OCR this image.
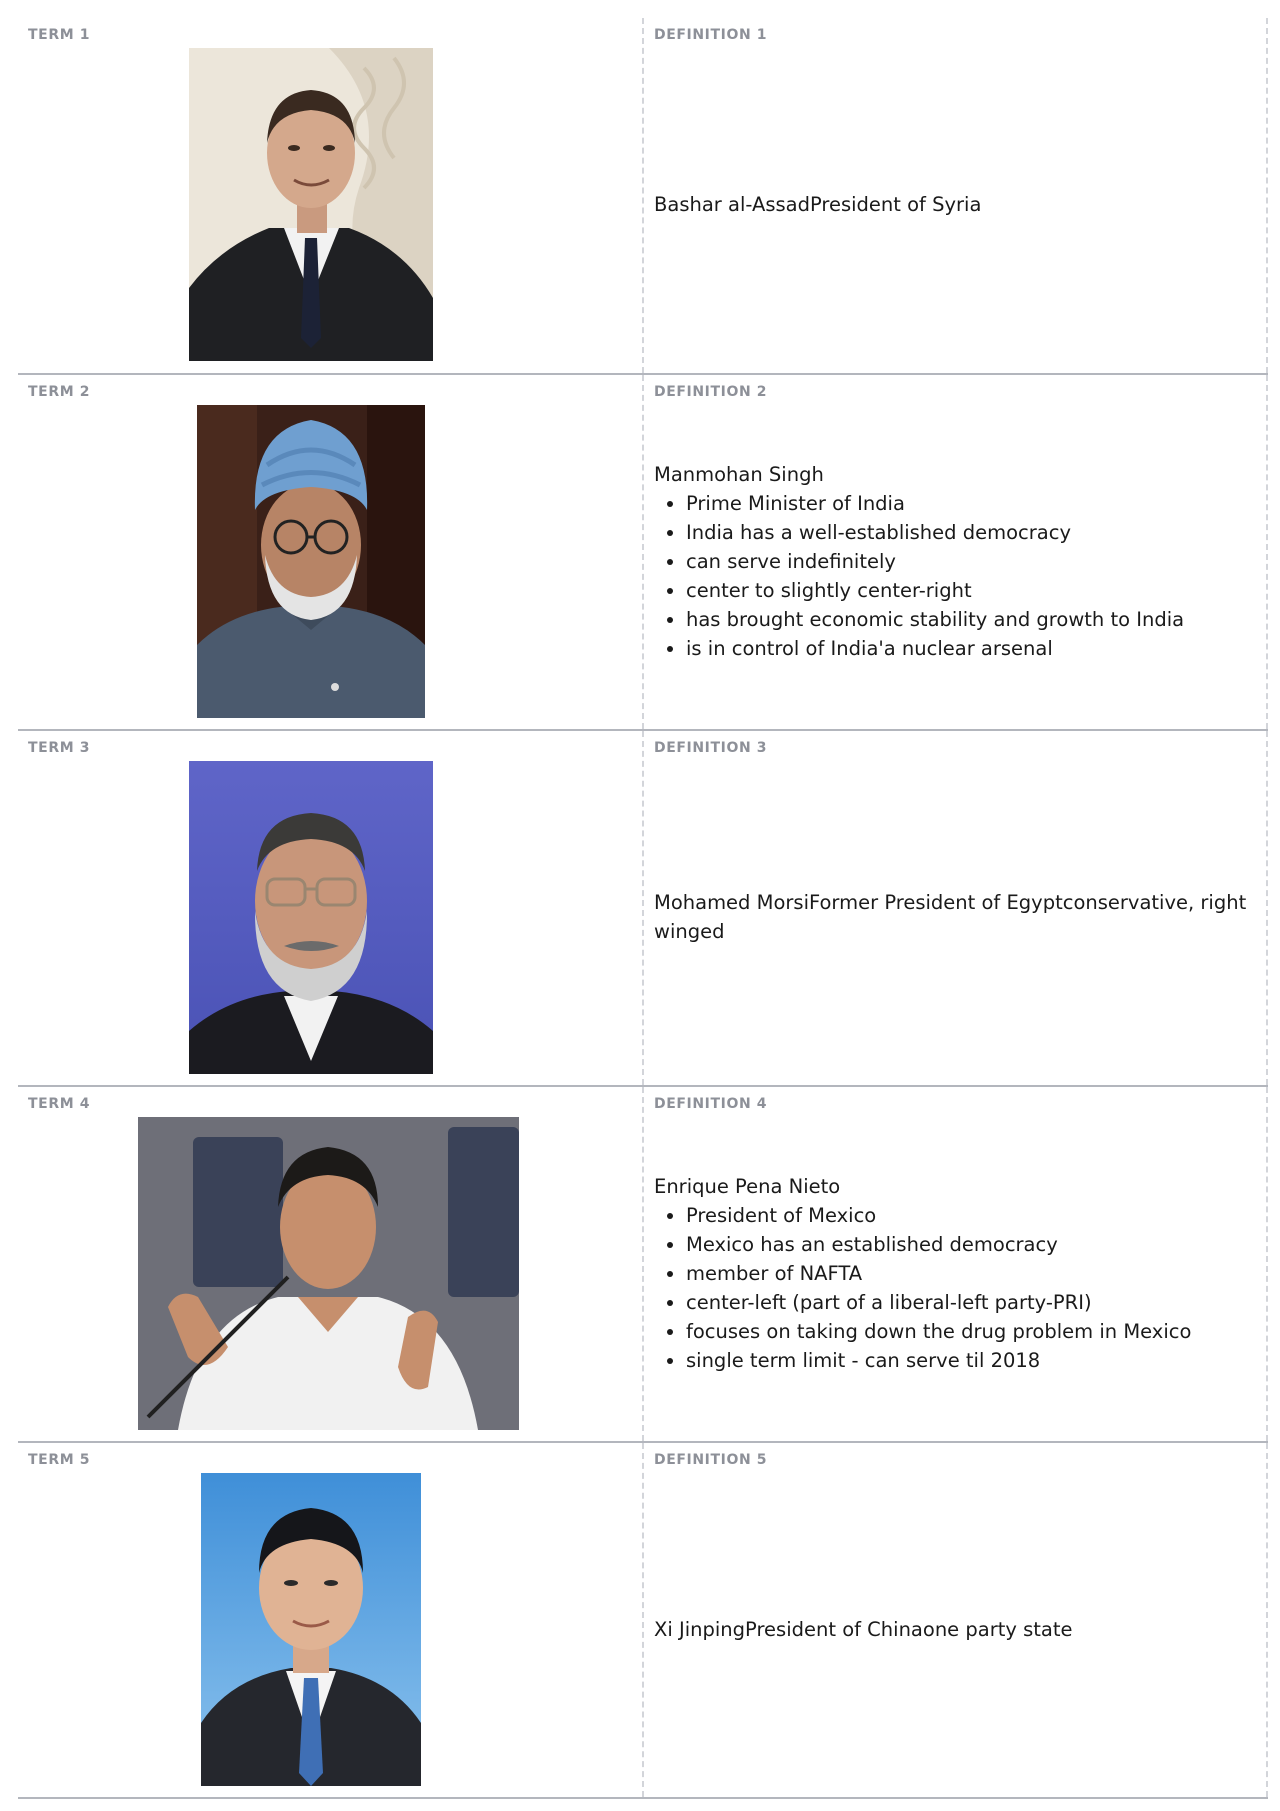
TERM 1	DEFINITION 1
Bashar al-AssadPresident of Syria
TERM 2	DEFINITION 2
Manmohan Singh
• Prime Minister of India
• India has a well-established democracy
• can serve indefinitely
• center to slightly center-right
• has brought economic stability and growth to India
• is in control of India'a nuclear arsenal
TERM 3	DEFINITION 3
Mohamed MorsiFormer President of Egyptconservative, right winged
TERM 4	DEFINITION 4
Enrique Pena Nieto
• President of Mexico
• Mexico has an established democracy
• member of NAFTA
• center-left (part of a liberal-left party-PRI)
• focuses on taking down the drug problem in Mexico
• single term limit - can serve til 2018
TERM 5	DEFINITION 5
Xi JinpingPresident of Chinaone party state
